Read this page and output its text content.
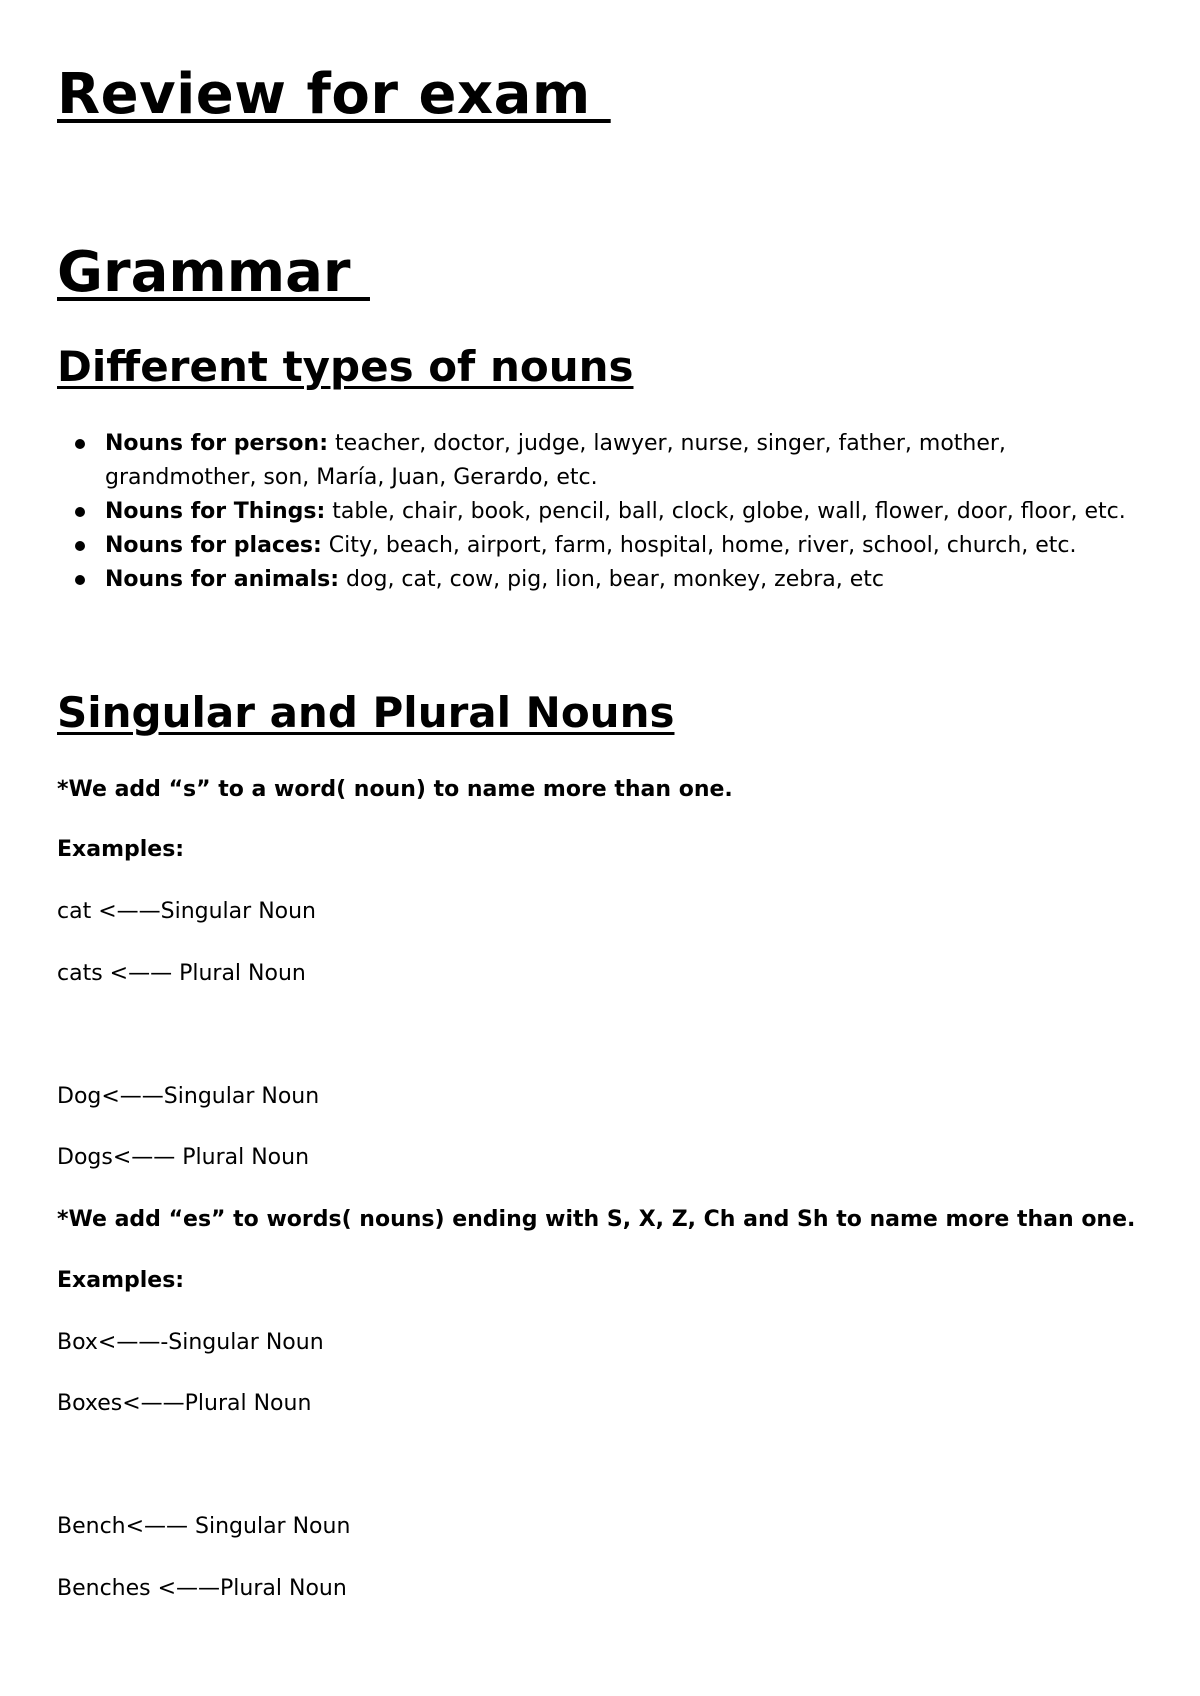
Review for exam
Grammar
Different types of nouns
Nouns for person: teacher, doctor, judge, lawyer, nurse, singer, father, mother, grandmother, son, María, Juan, Gerardo, etc.
Nouns for Things: table, chair, book, pencil, ball, clock, globe, wall, flower, door, floor, etc.
Nouns for places: City, beach, airport, farm, hospital, home, river, school, church, etc.
Nouns for animals: dog, cat, cow, pig, lion, bear, monkey, zebra, etc
Singular and Plural Nouns

*We add “s” to a word( noun) to name more than one.

Examples:

cat <——Singular Noun

cats <—— Plural Noun

Dog<——Singular Noun

Dogs<—— Plural Noun

*We add “es” to words( nouns) ending with S, X, Z, Ch and Sh to name more than one.

Examples:

Box<——-Singular Noun

Boxes<——Plural Noun

Bench<—— Singular Noun

Benches <——Plural Noun
